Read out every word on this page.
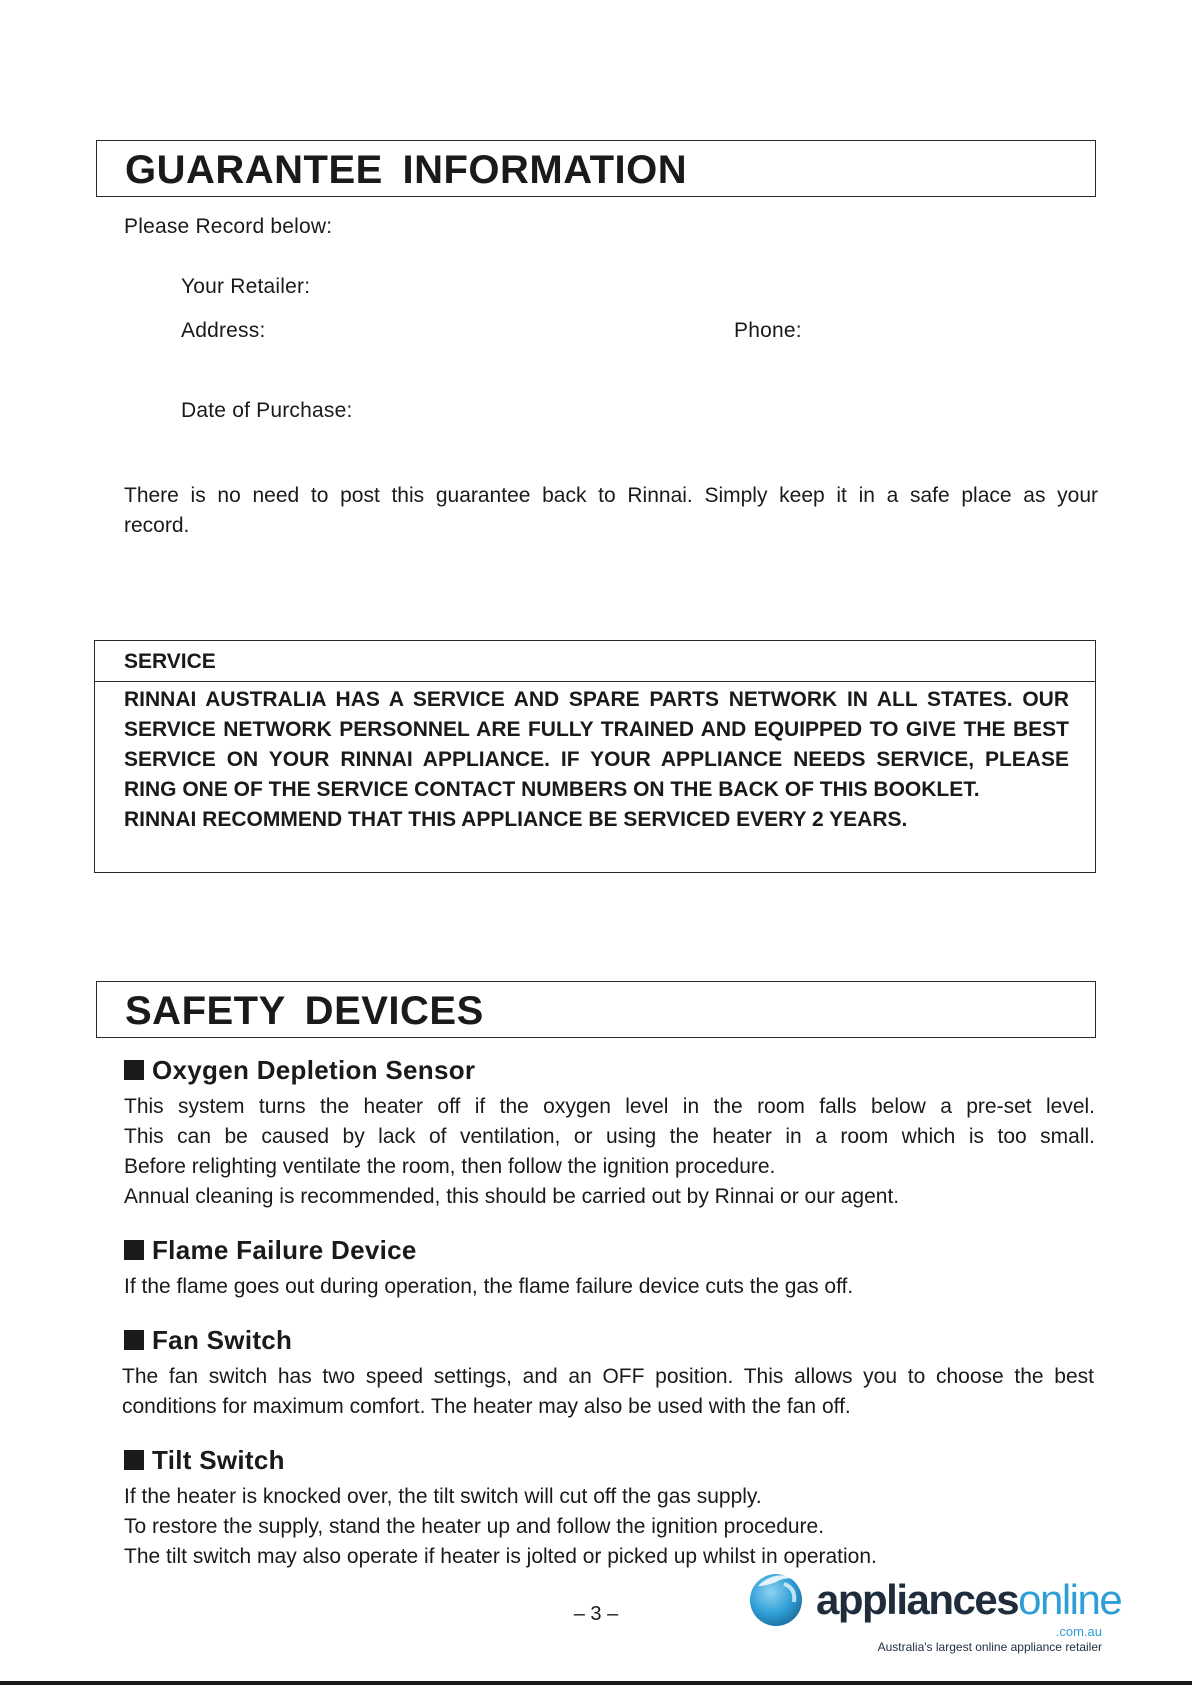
GUARANTEE INFORMATION
Please Record below:
Your Retailer:
Address:	Phone:
Date of Purchase:
There is no need to post this guarantee back to Rinnai. Simply keep it in a safe place as your
record.
SERVICE
RINNAI AUSTRALIA HAS A SERVICE AND SPARE PARTS NETWORK IN ALL STATES. OUR SERVICE NETWORK PERSONNEL ARE FULLY TRAINED AND EQUIPPED TO GIVE THE BEST SERVICE ON YOUR RINNAI APPLIANCE. IF YOUR APPLIANCE NEEDS SERVICE, PLEASE RING ONE OF THE SERVICE CONTACT NUMBERS ON THE BACK OF THIS BOOKLET.
RINNAI RECOMMEND THAT THIS APPLIANCE BE SERVICED EVERY 2 YEARS.
SAFETY DEVICES
Oxygen Depletion Sensor
This system turns the heater off if the oxygen level in the room falls below a pre-set level.
This can be caused by lack of ventilation, or using the heater in a room which is too small.
Before relighting ventilate the room, then follow the ignition procedure.
Annual cleaning is recommended, this should be carried out by Rinnai or our agent.
Flame Failure Device
If the flame goes out during operation, the flame failure device cuts the gas off.
Fan Switch
The fan switch has two speed settings, and an OFF position. This allows you to choose the best
conditions for maximum comfort. The heater may also be used with the fan off.
Tilt Switch
If the heater is knocked over, the tilt switch will cut off the gas supply.
To restore the supply, stand the heater up and follow the ignition procedure.
The tilt switch may also operate if heater is jolted or picked up whilst in operation.
– 3 –	appliancesonline
.com.au
Australia's largest online appliance retailer
